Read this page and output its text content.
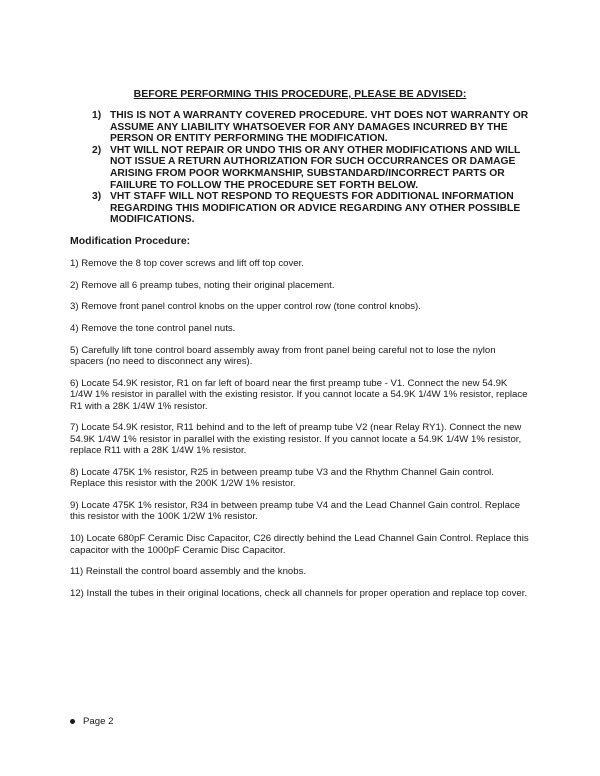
BEFORE PERFORMING THIS PROCEDURE, PLEASE BE ADVISED:
1) THIS IS NOT A WARRANTY COVERED PROCEDURE. VHT DOES NOT WARRANTY OR ASSUME ANY LIABILITY WHATSOEVER FOR ANY DAMAGES INCURRED BY THE PERSON OR ENTITY PERFORMING THE MODIFICATION.
2) VHT WILL NOT REPAIR OR UNDO THIS OR ANY OTHER MODIFICATIONS AND WILL NOT ISSUE A RETURN AUTHORIZATION FOR SUCH OCCURRANCES OR DAMAGE ARISING FROM POOR WORKMANSHIP, SUBSTANDARD/INCORRECT PARTS OR FAIILURE TO FOLLOW THE PROCEDURE SET FORTH BELOW.
3) VHT STAFF WILL NOT RESPOND TO REQUESTS FOR ADDITIONAL INFORMATION REGARDING THIS MODIFICATION OR ADVICE REGARDING ANY OTHER POSSIBLE MODIFICATIONS.
Modification Procedure:

1) Remove the 8 top cover screws and lift off top cover.

2) Remove all 6 preamp tubes, noting their original placement.

3) Remove front panel control knobs on the upper control row (tone control knobs).

4) Remove the tone control panel nuts.

5) Carefully lift tone control board assembly away from front panel being careful not to lose the nylon spacers (no need to disconnect any wires).

6) Locate 54.9K resistor, R1 on far left of board near the first preamp tube - V1. Connect the new 54.9K 1/4W 1% resistor in parallel with the existing resistor. If you cannot locate a 54.9K 1/4W 1% resistor, replace R1 with a 28K 1/4W 1% resistor.

7) Locate 54.9K resistor, R11 behind and to the left of preamp tube V2 (near Relay RY1). Connect the new 54.9K 1/4W 1% resistor in parallel with the existing resistor. If you cannot locate a 54.9K 1/4W 1% resistor, replace R11 with a 28K 1/4W 1% resistor.

8) Locate 475K 1% resistor, R25 in between preamp tube V3 and the Rhythm Channel Gain control. Replace this resistor with the 200K 1/2W 1% resistor.

9) Locate 475K 1% resistor, R34 in between preamp tube V4 and the Lead Channel Gain control. Replace this resistor with the 100K 1/2W 1% resistor.

10) Locate 680pF Ceramic Disc Capacitor, C26 directly behind the Lead Channel Gain Control. Replace this capacitor with the 1000pF Ceramic Disc Capacitor.

11) Reinstall the control board assembly and the knobs.

12) Install the tubes in their original locations, check all channels for proper operation and replace top cover.

Page 2
